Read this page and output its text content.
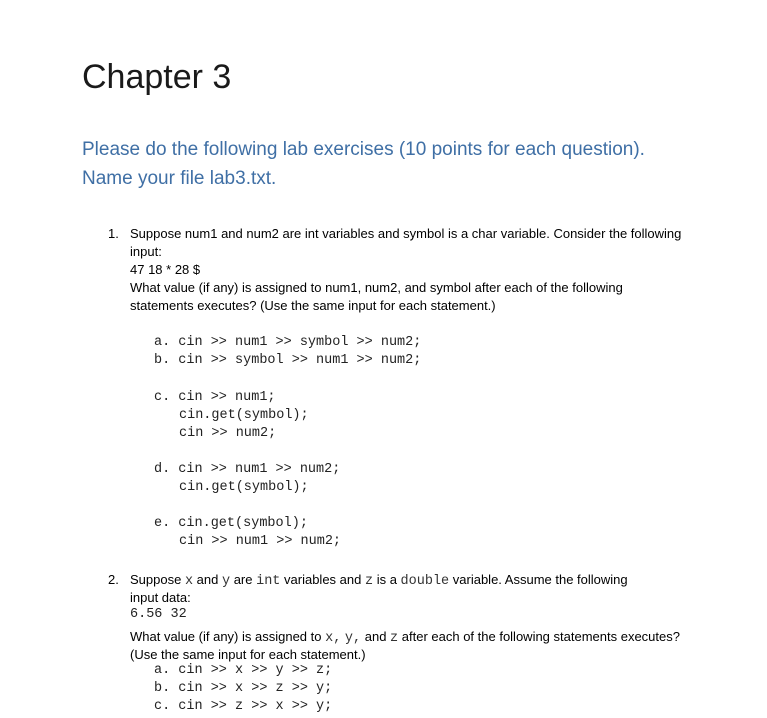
Chapter 3
Please do the following lab exercises (10 points for each question).
Name your file lab3.txt.
1. Suppose num1 and num2 are int variables and symbol is a char variable. Consider the following
input:
47 18 * 28 $
What value (if any) is assigned to num1, num2, and symbol after each of the following
statements executes? (Use the same input for each statement.)
a. cin >> num1 >> symbol >> num2;
b. cin >> symbol >> num1 >> num2;
c. cin >> num1;
cin.get(symbol);
cin >> num2;
d. cin >> num1 >> num2;
cin.get(symbol);
e. cin.get(symbol);
cin >> num1 >> num2;
2. Suppose x and y are int variables and z is a double variable. Assume the following
input data:
6.56 32
What value (if any) is assigned to x, y, and z after each of the following statements executes?
(Use the same input for each statement.)
a. cin >> x >> y >> z;
b. cin >> x >> z >> y;
c. cin >> z >> x >> y;
